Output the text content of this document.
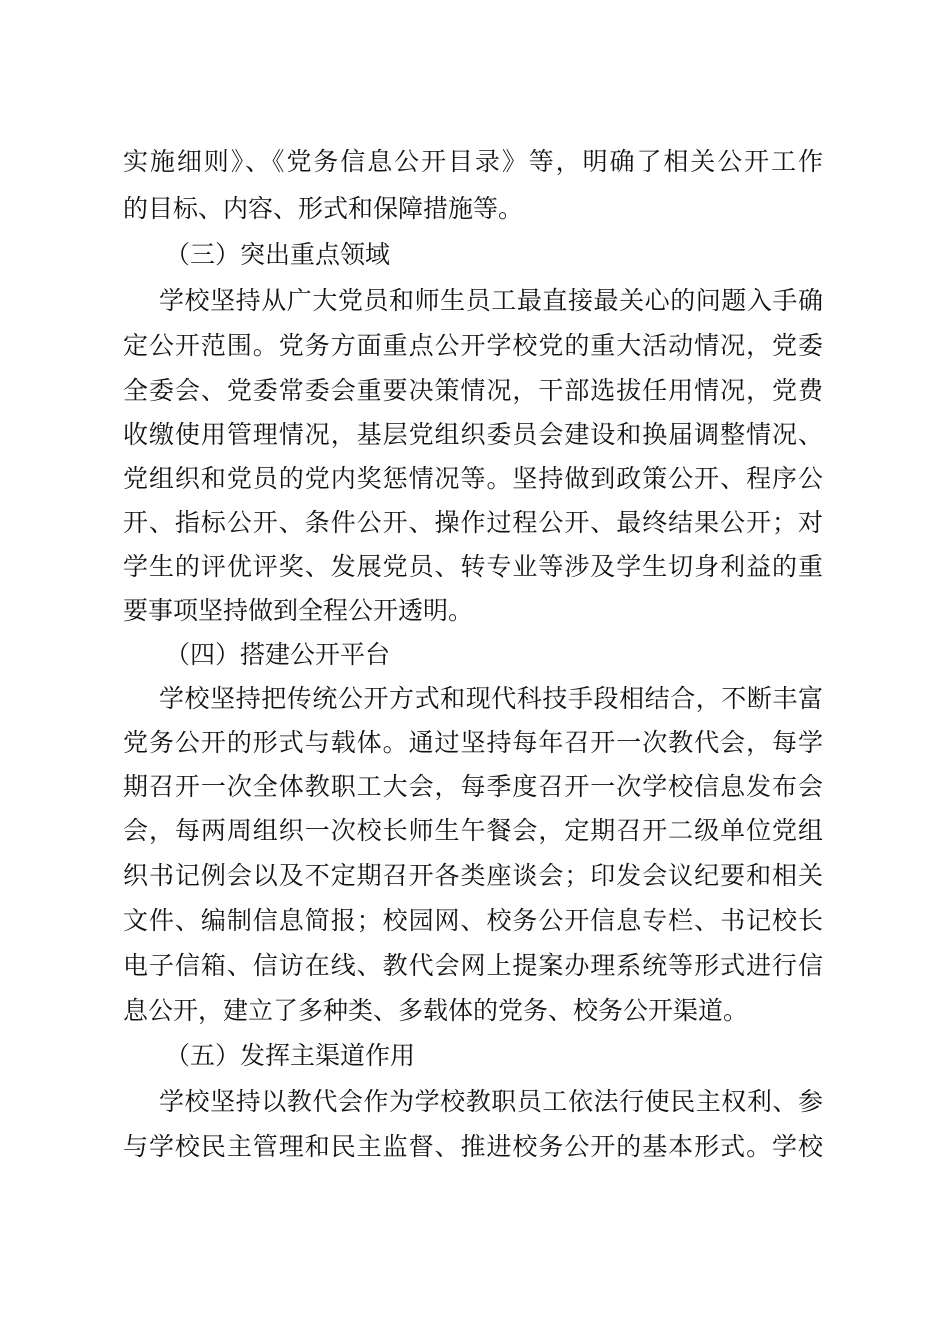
实施细则》、《党务信息公开目录》等，明确了相关公开工作

的目标、内容、形式和保障措施等。

（三）突出重点领域

学校坚持从广大党员和师生员工最直接最关心的问题入手确

定公开范围。党务方面重点公开学校党的重大活动情况，党委

全委会、党委常委会重要决策情况，干部选拔任用情况，党费

收缴使用管理情况，基层党组织委员会建设和换届调整情况、

党组织和党员的党内奖惩情况等。坚持做到政策公开、程序公

开、指标公开、条件公开、操作过程公开、最终结果公开；对

学生的评优评奖、发展党员、转专业等涉及学生切身利益的重

要事项坚持做到全程公开透明。

（四）搭建公开平台

学校坚持把传统公开方式和现代科技手段相结合，不断丰富

党务公开的形式与载体。通过坚持每年召开一次教代会，每学

期召开一次全体教职工大会，每季度召开一次学校信息发布会

会，每两周组织一次校长师生午餐会，定期召开二级单位党组

织书记例会以及不定期召开各类座谈会；印发会议纪要和相关

文件、编制信息简报；校园网、校务公开信息专栏、书记校长

电子信箱、信访在线、教代会网上提案办理系统等形式进行信

息公开，建立了多种类、多载体的党务、校务公开渠道。

（五）发挥主渠道作用

学校坚持以教代会作为学校教职员工依法行使民主权利、参

与学校民主管理和民主监督、推进校务公开的基本形式。学校
